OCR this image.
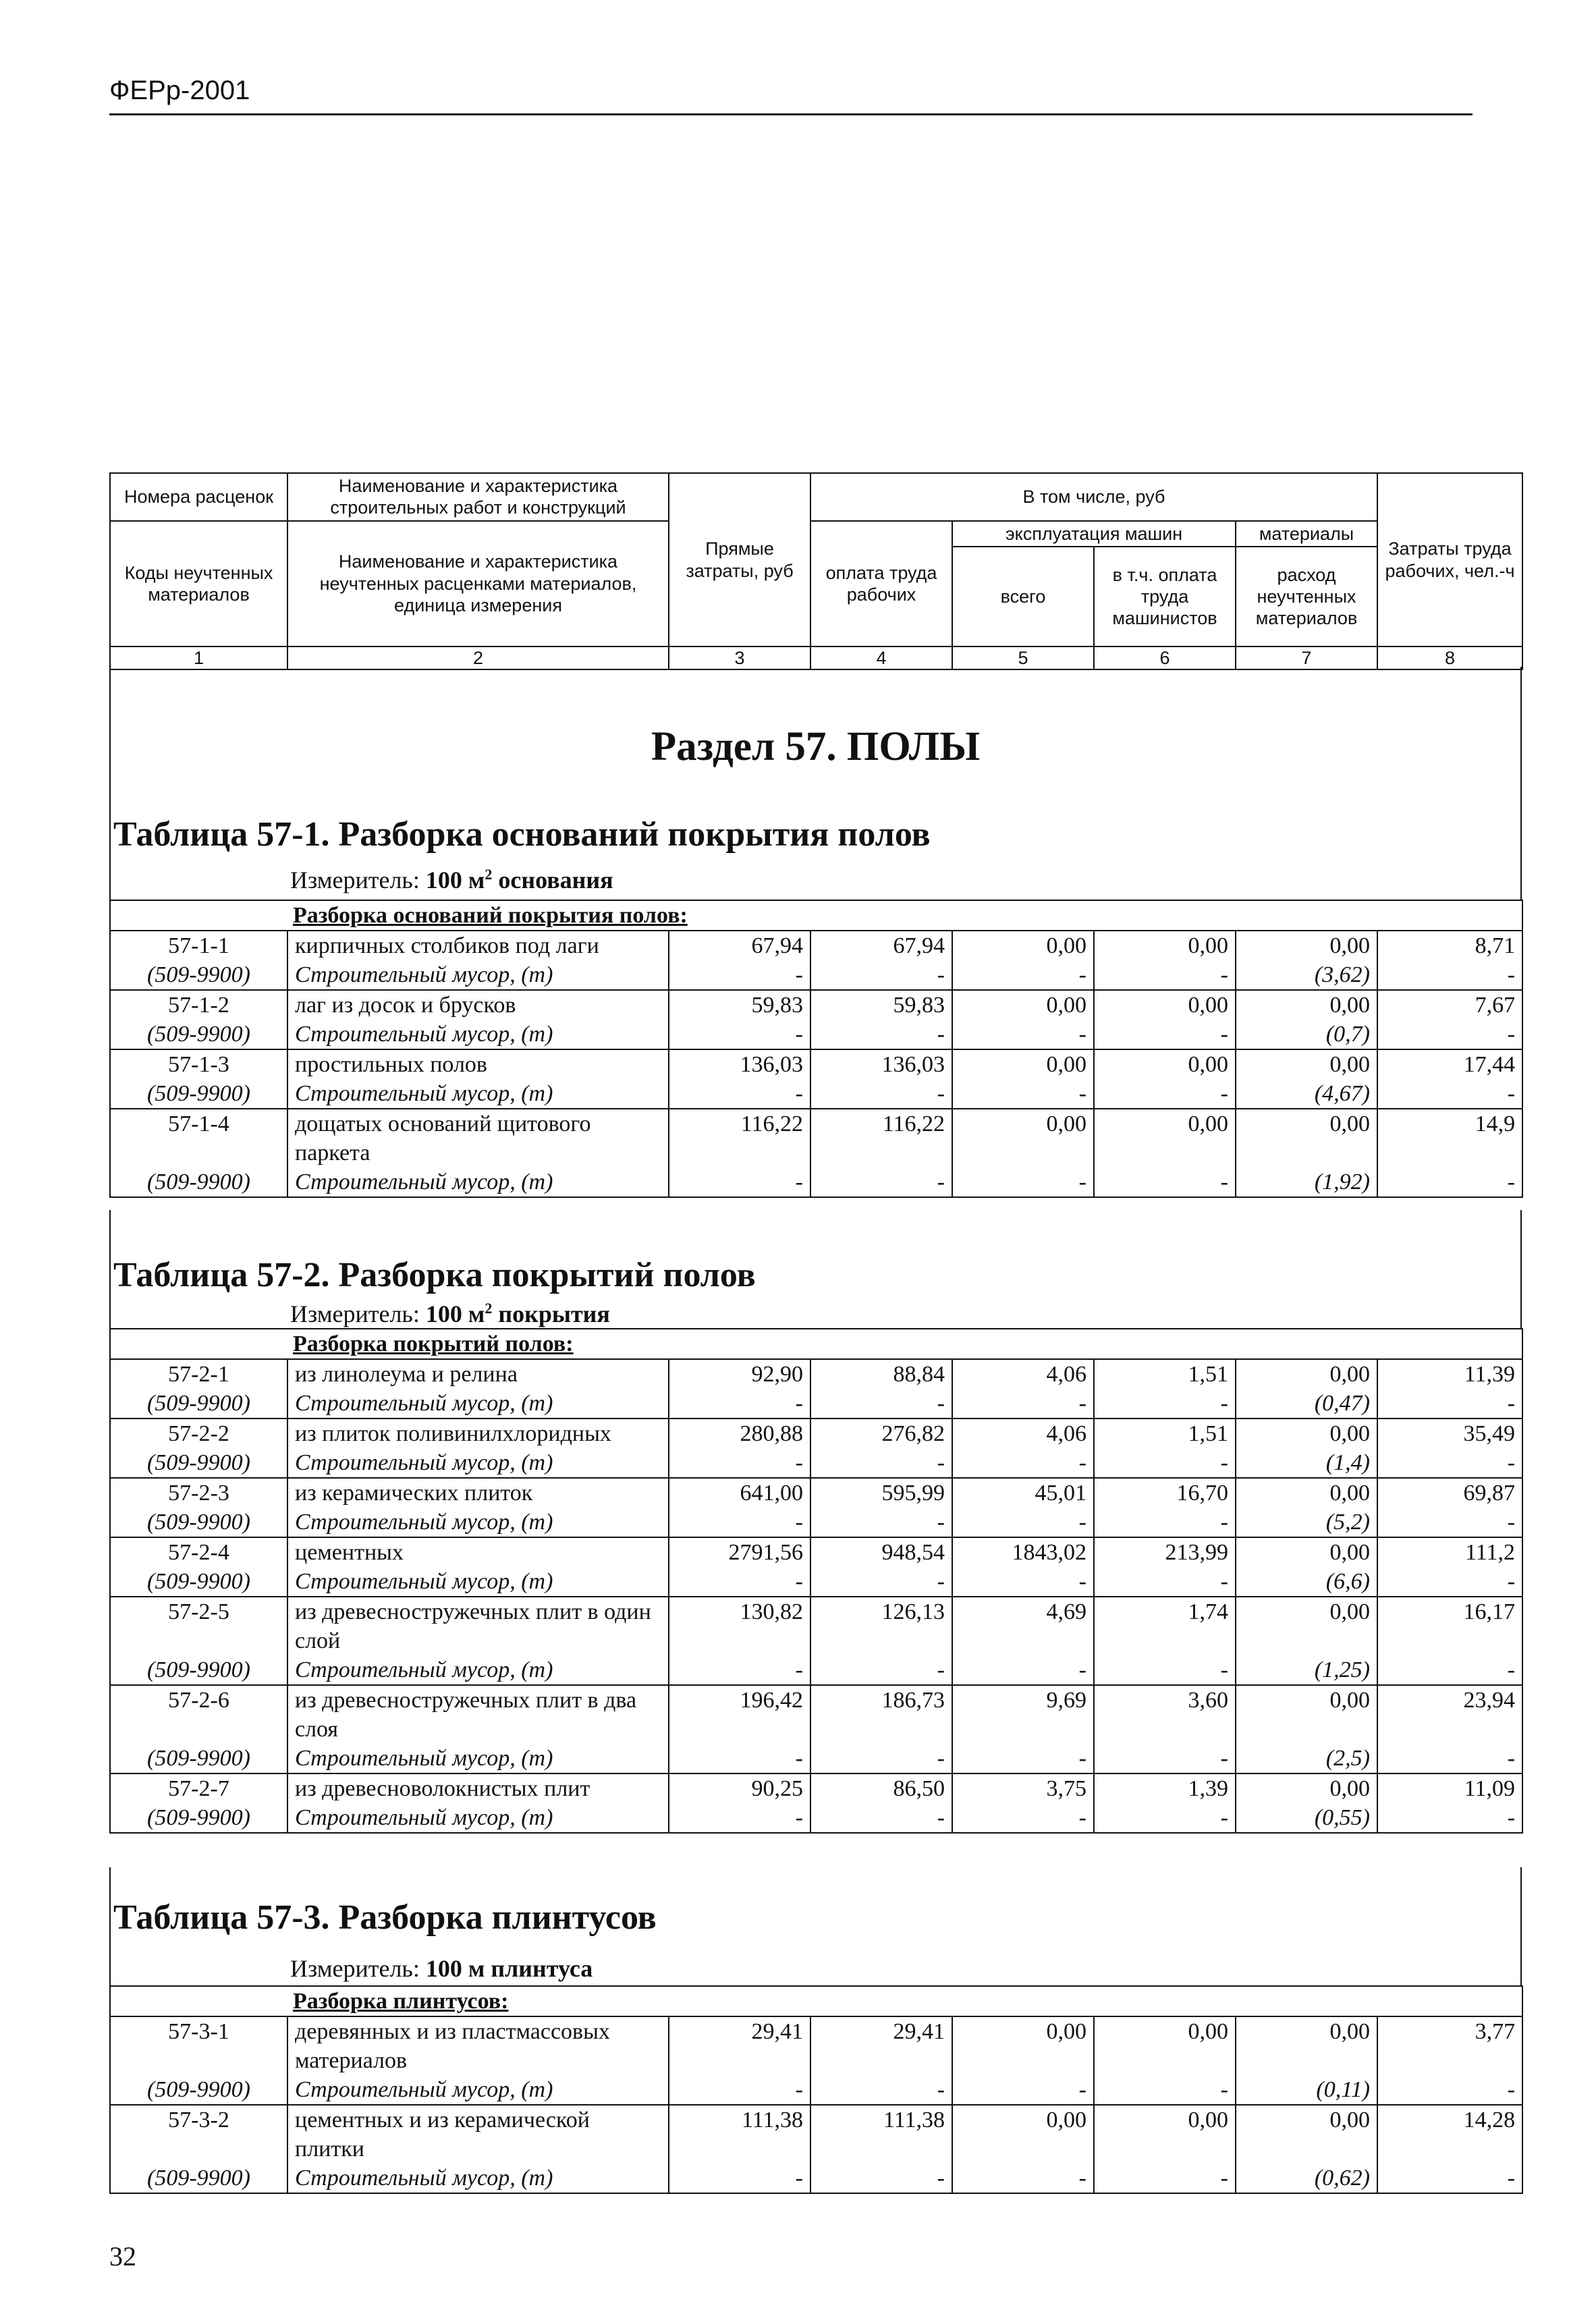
ФЕРр-2001
Номера расценок	Наименование и характеристика строительных работ и конструкций	Прямые затраты, руб	В том числе, руб				Затраты труда рабочих, чел.-ч
Коды неучтенных материалов	Наименование и характеристика неучтенных расценками материалов, единица измерения		оплата труда рабочих	эксплуатация машин		материалы	
				всего	в т.ч. оплата труда машинистов	расход неучтенных материалов	
1	2	3	4	5	6	7	8
Раздел 57. ПОЛЫ
Таблица 57-1. Разборка оснований покрытия полов
Измеритель: 100 $м^2$ основания
Разборка оснований покрытия полов:							
57-1-1	кирпичных столбиков под лаги	67,94	67,94	0,00	0,00	0,00	8,71
(509-9900)	Строительный мусор, (т)	-	-	-	-	(3,62)	-
57-1-2	лаг из досок и брусков	59,83	59,83	0,00	0,00	0,00	7,67
(509-9900)	Строительный мусор, (т)	-	-	-	-	(0,7)	-
57-1-3	простильных полов	136,03	136,03	0,00	0,00	0,00	17,44
(509-9900)	Строительный мусор, (т)	-	-	-	-	(4,67)	-
57-1-4	дощатых оснований щитового паркета	116,22	116,22	0,00	0,00	0,00	14,9
(509-9900)	Строительный мусор, (т)	-	-	-	-	(1,92)	-
Таблица 57-2. Разборка покрытий полов
Измеритель: 100 $м^2$ покрытия
Разборка покрытий полов:							
57-2-1	из линолеума и релина	92,90	88,84	4,06	1,51	0,00	11,39
(509-9900)	Строительный мусор, (т)	-	-	-	-	(0,47)	-
57-2-2	из плиток поливинилхлоридных	280,88	276,82	4,06	1,51	0,00	35,49
(509-9900)	Строительный мусор, (т)	-	-	-	-	(1,4)	-
57-2-3	из керамических плиток	641,00	595,99	45,01	16,70	0,00	69,87
(509-9900)	Строительный мусор, (т)	-	-	-	-	(5,2)	-
57-2-4	цементных	2791,56	948,54	1843,02	213,99	0,00	111,2
(509-9900)	Строительный мусор, (т)	-	-	-	-	(6,6)	-
57-2-5	из древесностружечных плит в один слой	130,82	126,13	4,69	1,74	0,00	16,17
(509-9900)	Строительный мусор, (т)	-	-	-	-	(1,25)	-
57-2-6	из древесностружечных плит в два слоя	196,42	186,73	9,69	3,60	0,00	23,94
(509-9900)	Строительный мусор, (т)	-	-	-	-	(2,5)	-
57-2-7	из древесноволокнистых плит	90,25	86,50	3,75	1,39	0,00	11,09
(509-9900)	Строительный мусор, (т)	-	-	-	-	(0,55)	-
Таблица 57-3. Разборка плинтусов
Измеритель: 100 м плинтуса
Разборка плинтусов:							
57-3-1	деревянных и из пластмассовых материалов	29,41	29,41	0,00	0,00	0,00	3,77
(509-9900)	Строительный мусор, (т)	-	-	-	-	(0,11)	-
57-3-2	цементных и из керамической плитки	111,38	111,38	0,00	0,00	0,00	14,28
(509-9900)	Строительный мусор, (т)	-	-	-	-	(0,62)	-
32
